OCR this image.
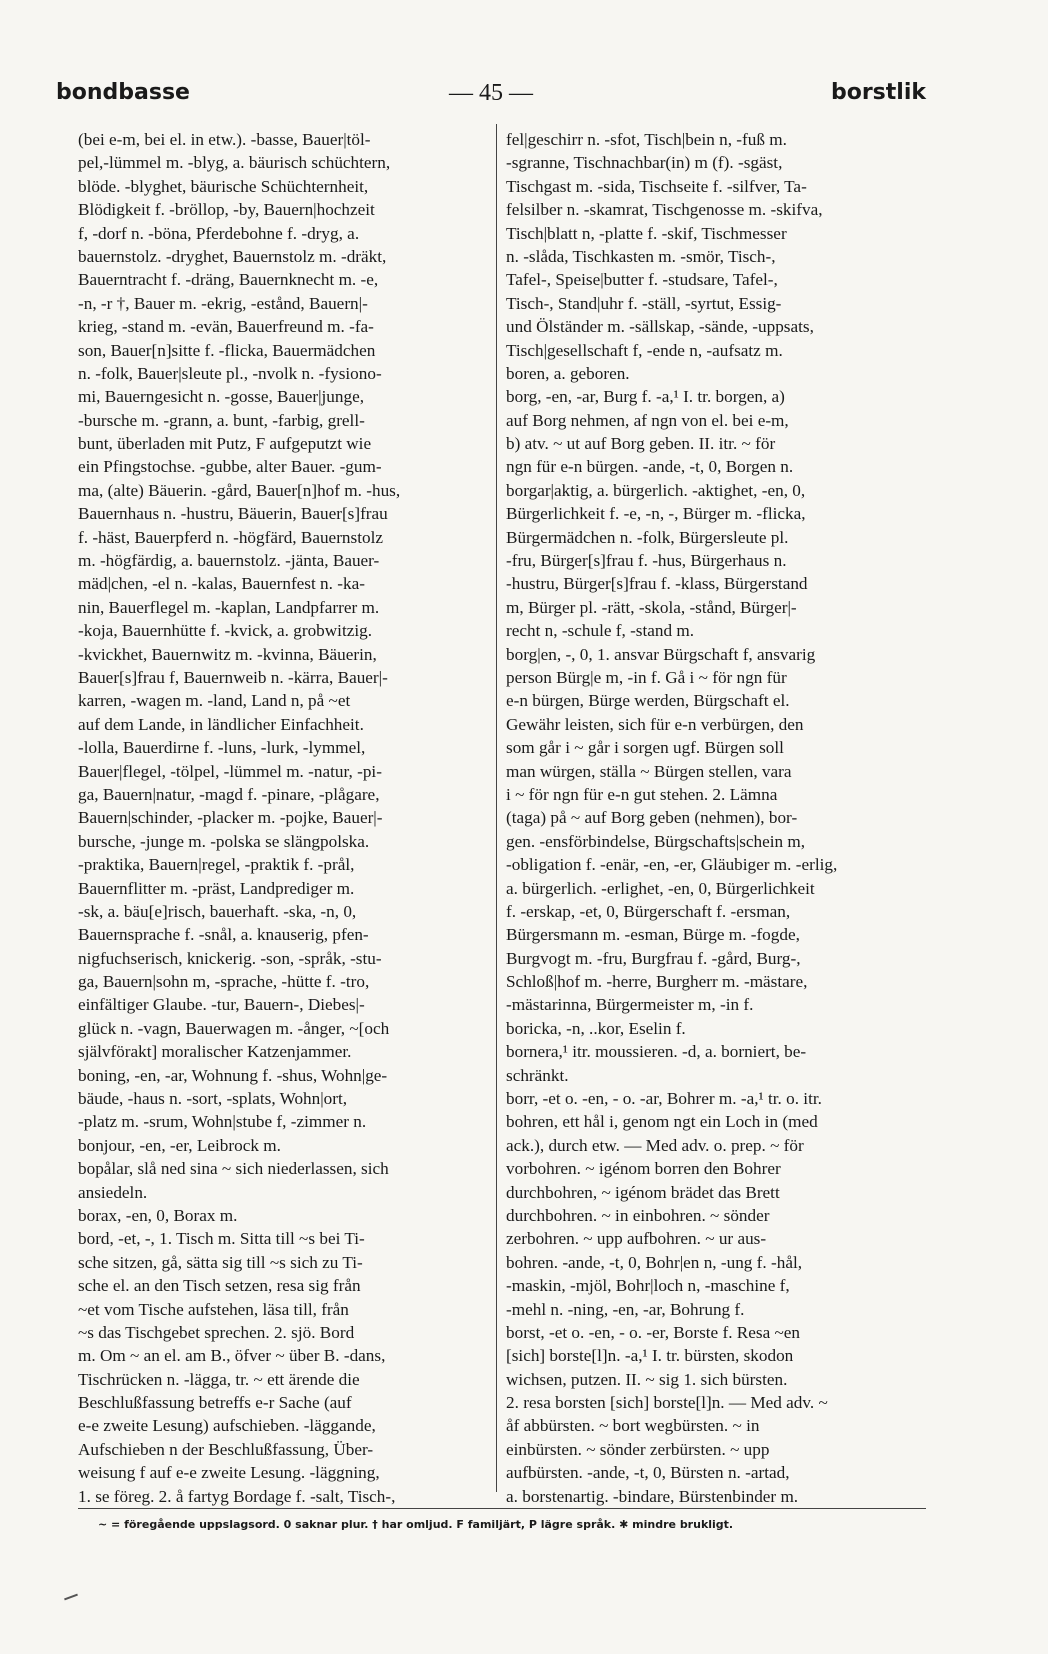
bondbasse	— 45 —	borstlik
(bei e-m, bei el. in etw.). -basse, Bauer|töl-
pel,-lümmel m. -blyg, a. bäurisch schüchtern,
blöde. -blyghet, bäurische Schüchternheit,
Blödigkeit f. -bröllop, -by, Bauern|hochzeit
f, -dorf n. -böna, Pferdebohne f. -dryg, a.
bauernstolz. -dryghet, Bauernstolz m. -dräkt,
Bauerntracht f. -dräng, Bauernknecht m. -e,
-n, -r †, Bauer m. -ekrig, -estånd, Bauern|-
krieg, -stand m. -evän, Bauerfreund m. -fa-
son, Bauer[n]sitte f. -flicka, Bauermädchen
n. -folk, Bauer|sleute pl., -nvolk n. -fysiono-
mi, Bauerngesicht n. -gosse, Bauer|junge,
-bursche m. -grann, a. bunt, -farbig, grell-
bunt, überladen mit Putz, F aufgeputzt wie
ein Pfingstochse. -gubbe, alter Bauer. -gum-
ma, (alte) Bäuerin. -gård, Bauer[n]hof m. -hus,
Bauernhaus n. -hustru, Bäuerin, Bauer[s]frau
f. -häst, Bauerpferd n. -högfärd, Bauernstolz
m. -högfärdig, a. bauernstolz. -jänta, Bauer-
mäd|chen, -el n. -kalas, Bauernfest n. -ka-
nin, Bauerflegel m. -kaplan, Landpfarrer m.
-koja, Bauernhütte f. -kvick, a. grobwitzig.
-kvickhet, Bauernwitz m. -kvinna, Bäuerin,
Bauer[s]frau f, Bauernweib n. -kärra, Bauer|-
karren, -wagen m. -land, Land n, på ~et
auf dem Lande, in ländlicher Einfachheit.
-lolla, Bauerdirne f. -luns, -lurk, -lymmel,
Bauer|flegel, -tölpel, -lümmel m. -natur, -pi-
ga, Bauern|natur, -magd f. -pinare, -plågare,
Bauern|schinder, -placker m. -pojke, Bauer|-
bursche, -junge m. -polska se slängpolska.
-praktika, Bauern|regel, -praktik f. -prål,
Bauernflitter m. -präst, Landprediger m.
-sk, a. bäu[e]risch, bauerhaft. -ska, -n, 0,
Bauernsprache f. -snål, a. knauserig, pfen-
nigfuchserisch, knickerig. -son, -språk, -stu-
ga, Bauern|sohn m, -sprache, -hütte f. -tro,
einfältiger Glaube. -tur, Bauern-, Diebes|-
glück n. -vagn, Bauerwagen m. -ånger, ~[och
självförakt] moralischer Katzenjammer.
boning, -en, -ar, Wohnung f. -shus, Wohn|ge-
bäude, -haus n. -sort, -splats, Wohn|ort,
-platz m. -srum, Wohn|stube f, -zimmer n.
bonjour, -en, -er, Leibrock m.
bopålar, slå ned sina ~ sich niederlassen, sich
ansiedeln.
borax, -en, 0, Borax m.
bord, -et, -, 1. Tisch m. Sitta till ~s bei Ti-
sche sitzen, gå, sätta sig till ~s sich zu Ti-
sche el. an den Tisch setzen, resa sig från
~et vom Tische aufstehen, läsa till, från
~s das Tischgebet sprechen. 2. sjö. Bord
m. Om ~ an el. am B., öfver ~ über B. -dans,
Tischrücken n. -lägga, tr. ~ ett ärende die
Beschlußfassung betreffs e-r Sache (auf
e-e zweite Lesung) aufschieben. -läggande,
Aufschieben n der Beschlußfassung, Über-
weisung f auf e-e zweite Lesung. -läggning,
1. se föreg. 2. å fartyg Bordage f. -salt, Tisch-,
fel|geschirr n. -sfot, Tisch|bein n, -fuß m.
-sgranne, Tischnachbar(in) m (f). -sgäst,
Tischgast m. -sida, Tischseite f. -silfver, Ta-
felsilber n. -skamrat, Tischgenosse m. -skifva,
Tisch|blatt n, -platte f. -skif, Tischmesser
n. -slåda, Tischkasten m. -smör, Tisch-,
Tafel-, Speise|butter f. -studsare, Tafel-,
Tisch-, Stand|uhr f. -ställ, -syrtut, Essig-
und Ölständer m. -sällskap, -sände, -uppsats,
Tisch|gesellschaft f, -ende n, -aufsatz m.
boren, a. geboren.
borg, -en, -ar, Burg f. -a,¹ I. tr. borgen, a)
auf Borg nehmen, af ngn von el. bei e-m,
b) atv. ~ ut auf Borg geben. II. itr. ~ för
ngn für e-n bürgen. -ande, -t, 0, Borgen n.
borgar|aktig, a. bürgerlich. -aktighet, -en, 0,
Bürgerlichkeit f. -e, -n, -, Bürger m. -flicka,
Bürgermädchen n. -folk, Bürgersleute pl.
-fru, Bürger[s]frau f. -hus, Bürgerhaus n.
-hustru, Bürger[s]frau f. -klass, Bürgerstand
m, Bürger pl. -rätt, -skola, -stånd, Bürger|-
recht n, -schule f, -stand m.
borg|en, -, 0, 1. ansvar Bürgschaft f, ansvarig
person Bürg|e m, -in f. Gå i ~ för ngn für
e-n bürgen, Bürge werden, Bürgschaft el.
Gewähr leisten, sich für e-n verbürgen, den
som går i ~ går i sorgen ugf. Bürgen soll
man würgen, ställa ~ Bürgen stellen, vara
i ~ för ngn für e-n gut stehen. 2. Lämna
(taga) på ~ auf Borg geben (nehmen), bor-
gen. -ensförbindelse, Bürgschafts|schein m,
-obligation f. -enär, -en, -er, Gläubiger m. -erlig,
a. bürgerlich. -erlighet, -en, 0, Bürgerlichkeit
f. -erskap, -et, 0, Bürgerschaft f. -ersman,
Bürgersmann m. -esman, Bürge m. -fogde,
Burgvogt m. -fru, Burgfrau f. -gård, Burg-,
Schloß|hof m. -herre, Burgherr m. -mästare,
-mästarinna, Bürgermeister m, -in f.
boricka, -n, ..kor, Eselin f.
bornera,¹ itr. moussieren. -d, a. borniert, be-
schränkt.
borr, -et o. -en, - o. -ar, Bohrer m. -a,¹ tr. o. itr.
bohren, ett hål i, genom ngt ein Loch in (med
ack.), durch etw. — Med adv. o. prep. ~ för
vorbohren. ~ igénom borren den Bohrer
durchbohren, ~ igénom brädet das Brett
durchbohren. ~ in einbohren. ~ sönder
zerbohren. ~ upp aufbohren. ~ ur aus-
bohren. -ande, -t, 0, Bohr|en n, -ung f. -hål,
-maskin, -mjöl, Bohr|loch n, -maschine f,
-mehl n. -ning, -en, -ar, Bohrung f.
borst, -et o. -en, - o. -er, Borste f. Resa ~en
[sich] borste[l]n. -a,¹ I. tr. bürsten, skodon
wichsen, putzen. II. ~ sig 1. sich bürsten.
2. resa borsten [sich] borste[l]n. — Med adv. ~
åf abbürsten. ~ bort wegbürsten. ~ in
einbürsten. ~ sönder zerbürsten. ~ upp
aufbürsten. -ande, -t, 0, Bürsten n. -artad,
a. borstenartig. -bindare, Bürstenbinder m.
~ = föregående uppslagsord. 0 saknar plur. † har omljud. F familjärt, P lägre språk. ✱ mindre brukligt.
